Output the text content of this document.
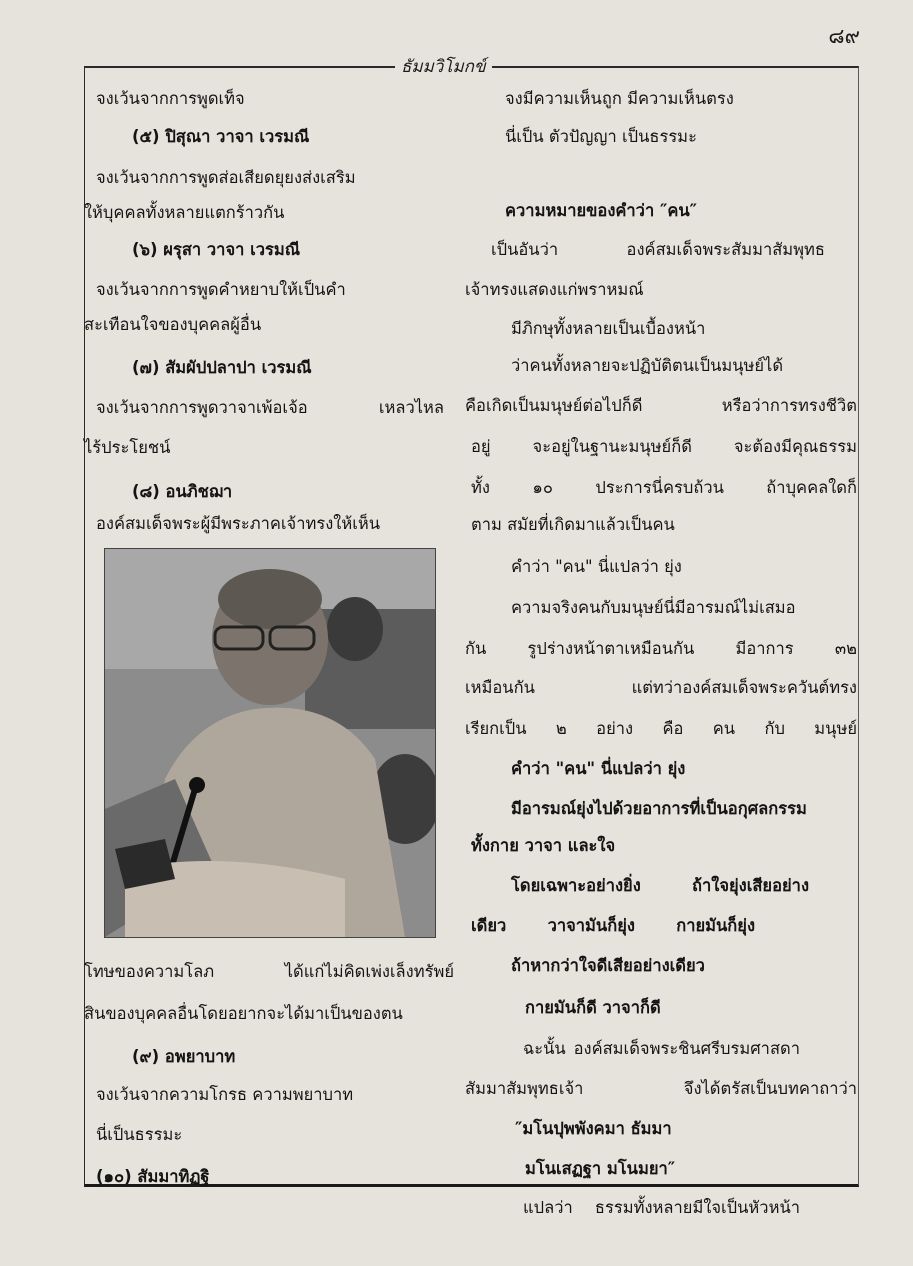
๘๙
ธัมมวิโมกข์
จงเว้นจากการพูดเท็จ
(๕) ปิสุณา วาจา เวรมณี
จงเว้นจากการพูดส่อเสียดยุยงส่งเสริม
ให้บุคคลทั้งหลายแตกร้าวกัน
(๖) ผรุสา วาจา เวรมณี
จงเว้นจากการพูดคำหยาบให้เป็นคำ
สะเทือนใจของบุคคลผู้อื่น
(๗) สัมผัปปลาปา เวรมณี
จงเว้นจากการพูดวาจาเพ้อเจ้อ เหลวไหล
ไร้ประโยชน์
(๘) อนภิชฌา
องค์สมเด็จพระผู้มีพระภาคเจ้าทรงให้เห็น
โทษของความโลภ ได้แก่ไม่คิดเพ่งเล็งทรัพย์
สินของบุคคลอื่นโดยอยากจะได้มาเป็นของตน
(๙) อพยาบาท
จงเว้นจากความโกรธ ความพยาบาท
นี่เป็นธรรมะ
(๑๐) สัมมาทิฏฐิ
จงมีความเห็นถูก มีความเห็นตรง
นี่เป็น ตัวปัญญา เป็นธรรมะ
ความหมายของคำว่า ″คน″
เป็นอันว่า องค์สมเด็จพระสัมมาสัมพุทธ
เจ้าทรงแสดงแก่พราหมณ์
มีภิกษุทั้งหลายเป็นเบื้องหน้า
ว่าคนทั้งหลายจะปฏิบัติตนเป็นมนุษย์ได้
คือเกิดเป็นมนุษย์ต่อไปก็ดี หรือว่าการทรงชีวิต
อยู่ จะอยู่ในฐานะมนุษย์ก็ดี จะต้องมีคุณธรรม
ทั้ง ๑๐ ประการนี่ครบถ้วน ถ้าบุคคลใดก็
ตาม สมัยที่เกิดมาแล้วเป็นคน
คำว่า "คน" นี่แปลว่า ยุ่ง
ความจริงคนกับมนุษย์นี่มีอารมณ์ไม่เสมอ
กัน รูปร่างหน้าตาเหมือนกัน มีอาการ ๓๒
เหมือนกัน แต่ทว่าองค์สมเด็จพระควันต์ทรง
เรียกเป็น ๒ อย่าง คือ คน กับ มนุษย์
คำว่า "คน" นี่แปลว่า ยุ่ง
มีอารมณ์ยุ่งไปด้วยอาการที่เป็นอกุศลกรรม
ทั้งกาย วาจา และใจ
โดยเฉพาะอย่างยิ่ง ถ้าใจยุ่งเสียอย่าง
เดียว วาจามันก็ยุ่ง กายมันก็ยุ่ง
ถ้าหากว่าใจดีเสียอย่างเดียว
กายมันก็ดี วาจาก็ดี
ฉะนั้น องค์สมเด็จพระชินศรีบรมศาสดา
สัมมาสัมพุทธเจ้า จึงได้ตรัสเป็นบทคาถาว่า
″มโนปุพพังคมา ธัมมา
มโนเสฏฐา มโนมยา″
แปลว่า ธรรมทั้งหลายมีใจเป็นหัวหน้า
